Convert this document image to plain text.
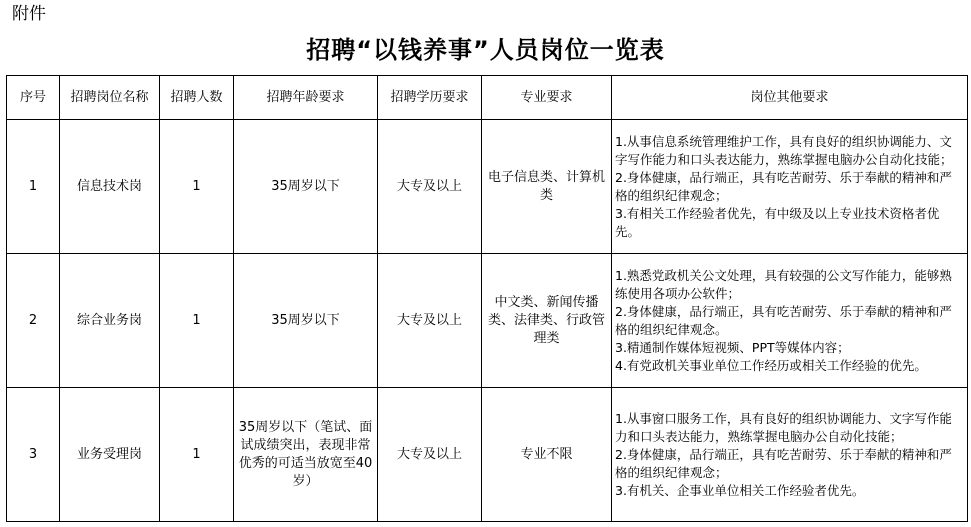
附件
招聘“以钱养事”人员岗位一览表
序号	招聘岗位名称	招聘人数	招聘年龄要求	招聘学历要求	专业要求	岗位其他要求
1	信息技术岗	1	35周岁以下	大专及以上	电子信息类、计算机类	1.从事信息系统管理维护工作，具有良好的组织协调能力、文字写作能力和口头表达能力，熟练掌握电脑办公自动化技能；
2.身体健康，品行端正，具有吃苦耐劳、乐于奉献的精神和严格的组织纪律观念；
3.有相关工作经验者优先，有中级及以上专业技术资格者优先。

2	综合业务岗	1	35周岁以下	大专及以上	中文类、新闻传播类、法律类、行政管理类	1.熟悉党政机关公文处理，具有较强的公文写作能力，能够熟练使用各项办公软件；
2.身体健康，品行端正，具有吃苦耐劳、乐于奉献的精神和严格的组织纪律观念。
3.精通制作媒体短视频、PPT等媒体内容；
4.有党政机关事业单位工作经历或相关工作经验的优先。

3	业务受理岗	1	35周岁以下（笔试、面试成绩突出，表现非常优秀的可适当放宽至40岁）	大专及以上	专业不限	1.从事窗口服务工作，具有良好的组织协调能力、文字写作能力和口头表达能力，熟练掌握电脑办公自动化技能；
2.身体健康，品行端正，具有吃苦耐劳、乐于奉献的精神和严格的组织纪律观念；
3.有机关、企事业单位相关工作经验者优先。
